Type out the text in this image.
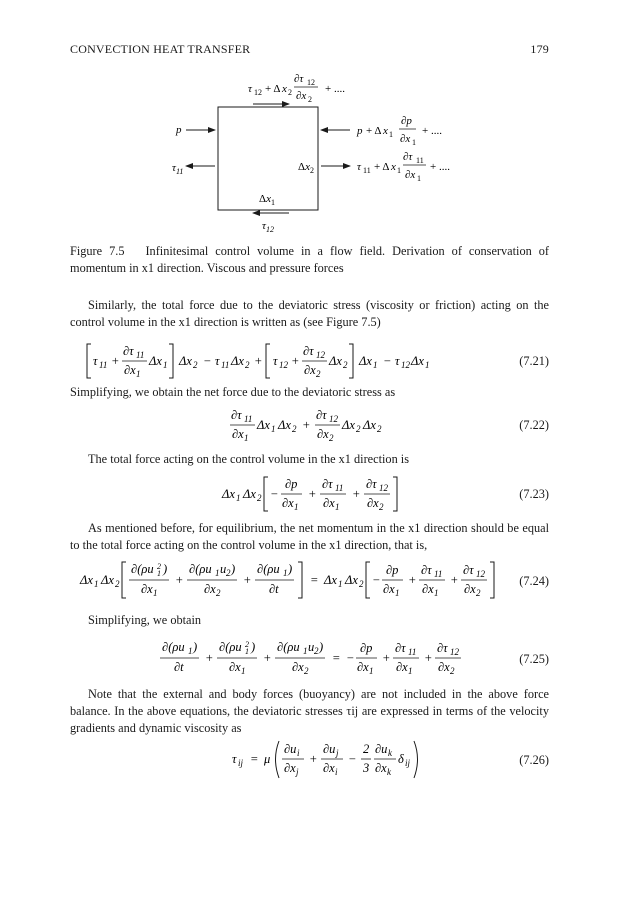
CONVECTION HEAT TRANSFER	179
τ 12 + Δ x 2
∂τ 12
∂x 2
+ ....
p	p + Δ x 1
∂p
∂x 1
+ ....
$\tau_{11}$	$\Delta x_2$	τ 11 + Δ x 1
∂τ 11
∂x 1
+ ....
$\Delta x_1$
$\tau_{12}$
Figure 7.5 Infinitesimal control volume in a flow field. Derivation of conservation of momentum in x1 direction. Viscous and pressure forces
Similarly, the total force due to the deviatoric stress (viscosity or friction) acting on the control volume in the x1 direction is written as (see Figure 7.5)
τ 11 +
∂τ 11
∂x 1
Δx 1 Δx 2 − τ 11 Δx 2 + τ 12 +
∂τ 12
∂x 2
Δx 2 Δx 1 − τ 12 Δx 1	(7.21)
Simplifying, we obtain the net force due to the deviatoric stress as
∂τ 11
∂x 1
Δx 1 Δx 2 +
∂τ 12
∂x 2
Δx 2 Δx 2	(7.22)
The total force acting on the control volume in the x1 direction is
Δx 1 Δx 2 −
∂p
∂x 1
+
∂τ 11
∂x 1
+
∂τ 12
∂x 2
(7.23)
As mentioned before, for equilibrium, the net momentum in the x1 direction should be equal to the total force acting on the control volume in the x1 direction, that is,
Δx 1 Δx 2
∂(ρu 2
1 )
∂x 1
+
∂(ρu 1 u 2 )
∂x 2
+
∂(ρu 1 )
∂t
= Δx 1 Δx 2 −
∂p
∂x 1
+
∂τ 11
∂x 1
+
∂τ 12
∂x 2
(7.24)
Simplifying, we obtain
∂(ρu 1 )
∂t
+
∂(ρu 2
1 )
∂x 1
+
∂(ρu 1 u 2 )
∂x 2
= −
∂p
∂x 1
+
∂τ 11
∂x 1
+
∂τ 12
∂x 2
(7.25)
Note that the external and body forces (buoyancy) are not included in the above force balance. In the above equations, the deviatoric stresses τij are expressed in terms of the velocity gradients and dynamic viscosity as
τ ij = μ
∂u i
∂x j
+
∂u j
∂x i
−
2
3
∂u k
∂x k
δ ij	(7.26)
